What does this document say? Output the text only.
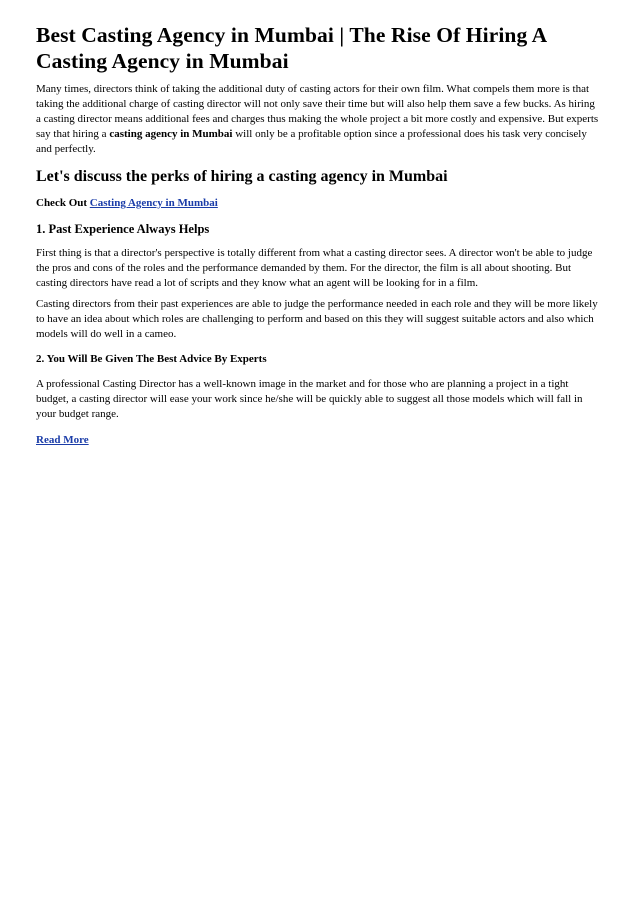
Best Casting Agency in Mumbai | The Rise Of Hiring A Casting Agency in Mumbai

Many times, directors think of taking the additional duty of casting actors for their own film. What compels them more is that taking the additional charge of casting director will not only save their time but will also help them save a few bucks. As hiring a casting director means additional fees and charges thus making the whole project a bit more costly and expensive. But experts say that hiring a casting agency in Mumbai will only be a profitable option since a professional does his task very concisely and perfectly.

Let's discuss the perks of hiring a casting agency in Mumbai
Check Out Casting Agency in Mumbai
1. Past Experience Always Helps

First thing is that a director's perspective is totally different from what a casting director sees. A director won't be able to judge the pros and cons of the roles and the performance demanded by them. For the director, the film is all about shooting. But casting directors have read a lot of scripts and they know what an agent will be looking for in a film.

Casting directors from their past experiences are able to judge the performance needed in each role and they will be more likely to have an idea about which roles are challenging to perform and based on this they will suggest suitable actors and also which models will do well in a cameo.

2. You Will Be Given The Best Advice By Experts

A professional Casting Director has a well-known image in the market and for those who are planning a project in a tight budget, a casting director will ease your work since he/she will be quickly able to suggest all those models which will fall in your budget range.

Read More
